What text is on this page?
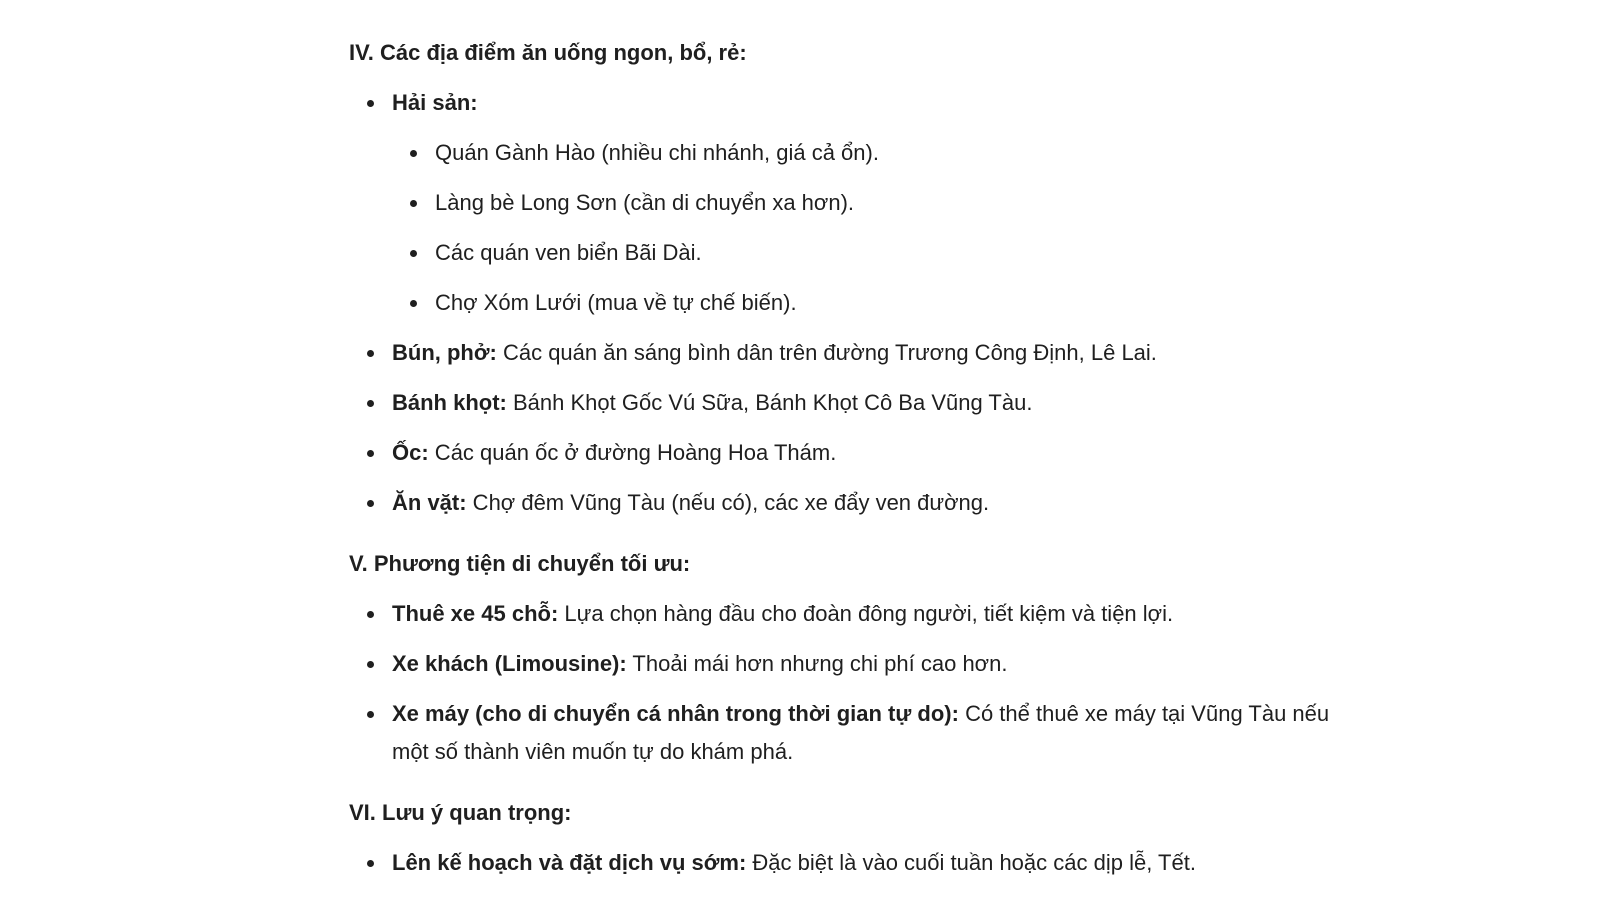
IV. Các địa điểm ăn uống ngon, bổ, rẻ:
Hải sản:
Quán Gành Hào (nhiều chi nhánh, giá cả ổn).
Làng bè Long Sơn (cần di chuyển xa hơn).
Các quán ven biển Bãi Dài.
Chợ Xóm Lưới (mua về tự chế biến).
Bún, phở: Các quán ăn sáng bình dân trên đường Trương Công Định, Lê Lai.
Bánh khọt: Bánh Khọt Gốc Vú Sữa, Bánh Khọt Cô Ba Vũng Tàu.
Ốc: Các quán ốc ở đường Hoàng Hoa Thám.
Ăn vặt: Chợ đêm Vũng Tàu (nếu có), các xe đẩy ven đường.
V. Phương tiện di chuyển tối ưu:
Thuê xe 45 chỗ: Lựa chọn hàng đầu cho đoàn đông người, tiết kiệm và tiện lợi.
Xe khách (Limousine): Thoải mái hơn nhưng chi phí cao hơn.
Xe máy (cho di chuyển cá nhân trong thời gian tự do): Có thể thuê xe máy tại Vũng Tàu nếu một số thành viên muốn tự do khám phá.
VI. Lưu ý quan trọng:
Lên kế hoạch và đặt dịch vụ sớm: Đặc biệt là vào cuối tuần hoặc các dịp lễ, Tết.
